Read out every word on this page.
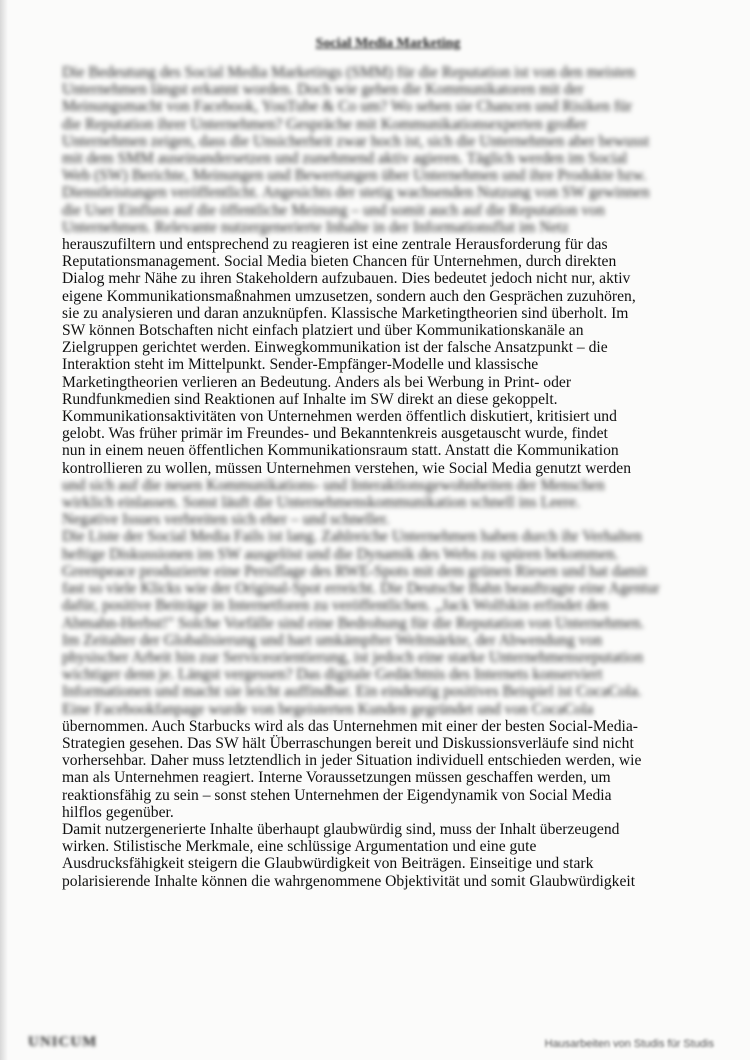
Social Media Marketing
Die Bedeutung des Social Media Marketings (SMM) für die Reputation ist von den meisten
Unternehmen längst erkannt worden. Doch wie gehen die Kommunikatoren mit der
Meinungsmacht von Facebook, YouTube & Co um? Wo sehen sie Chancen und Risiken für
die Reputation ihrer Unternehmen? Gespräche mit Kommunikationsexperten großer
Unternehmen zeigen, dass die Unsicherheit zwar hoch ist, sich die Unternehmen aber bewusst
mit dem SMM auseinandersetzen und zunehmend aktiv agieren. Täglich werden im Social
Web (SW) Berichte, Meinungen und Bewertungen über Unternehmen und ihre Produkte bzw.
Dienstleistungen veröffentlicht. Angesichts der stetig wachsenden Nutzung von SW gewinnen
die User Einfluss auf die öffentliche Meinung – und somit auch auf die Reputation von
Unternehmen. Relevante nutzergenerierte Inhalte in der Informationsflut im Netz
herauszufiltern und entsprechend zu reagieren ist eine zentrale Herausforderung für das
Reputationsmanagement. Social Media bieten Chancen für Unternehmen, durch direkten
Dialog mehr Nähe zu ihren Stakeholdern aufzubauen. Dies bedeutet jedoch nicht nur, aktiv
eigene Kommunikationsmaßnahmen umzusetzen, sondern auch den Gesprächen zuzuhören,
sie zu analysieren und daran anzuknüpfen. Klassische Marketingtheorien sind überholt. Im
SW können Botschaften nicht einfach platziert und über Kommunikationskanäle an
Zielgruppen gerichtet werden. Einwegkommunikation ist der falsche Ansatzpunkt – die
Interaktion steht im Mittelpunkt. Sender-Empfänger-Modelle und klassische
Marketingtheorien verlieren an Bedeutung. Anders als bei Werbung in Print- oder
Rundfunkmedien sind Reaktionen auf Inhalte im SW direkt an diese gekoppelt.
Kommunikationsaktivitäten von Unternehmen werden öffentlich diskutiert, kritisiert und
gelobt. Was früher primär im Freundes- und Bekanntenkreis ausgetauscht wurde, findet
nun in einem neuen öffentlichen Kommunikationsraum statt. Anstatt die Kommunikation
kontrollieren zu wollen, müssen Unternehmen verstehen, wie Social Media genutzt werden
und sich auf die neuen Kommunikations- und Interaktionsgewohnheiten der Menschen
wirklich einlassen. Sonst läuft die Unternehmenskommunikation schnell ins Leere.
Negative Issues verbreiten sich eher – und schneller.
Die Liste der Social Media Fails ist lang. Zahlreiche Unternehmen haben durch ihr Verhalten
heftige Diskussionen im SW ausgelöst und die Dynamik des Webs zu spüren bekommen.
Greenpeace produzierte eine Persiflage des RWE-Spots mit dem grünen Riesen und hat damit
fast so viele Klicks wie der Original-Spot erreicht. Die Deutsche Bahn beauftragte eine Agentur
dafür, positive Beiträge in Internetforen zu veröffentlichen. „Jack Wolfskin erfindet den
Abmahn-Herbst!" Solche Vorfälle sind eine Bedrohung für die Reputation von Unternehmen.
Im Zeitalter der Globalisierung und hart umkämpfter Weltmärkte, der Abwendung von
physischer Arbeit hin zur Serviceorientierung, ist jedoch eine starke Unternehmensreputation
wichtiger denn je. Längst vergessen? Das digitale Gedächtnis des Internets konserviert
Informationen und macht sie leicht auffindbar. Ein eindeutig positives Beispiel ist CocaCola.
Eine Facebookfanpage wurde von begeisterten Kunden gegründet und von CocaCola
übernommen. Auch Starbucks wird als das Unternehmen mit einer der besten Social-Media-
Strategien gesehen. Das SW hält Überraschungen bereit und Diskussionsverläufe sind nicht
vorhersehbar. Daher muss letztendlich in jeder Situation individuell entschieden werden, wie
man als Unternehmen reagiert. Interne Voraussetzungen müssen geschaffen werden, um
reaktionsfähig zu sein – sonst stehen Unternehmen der Eigendynamik von Social Media
hilflos gegenüber.
Damit nutzergenerierte Inhalte überhaupt glaubwürdig sind, muss der Inhalt überzeugend
wirken. Stilistische Merkmale, eine schlüssige Argumentation und eine gute
Ausdrucksfähigkeit steigern die Glaubwürdigkeit von Beiträgen. Einseitige und stark
polarisierende Inhalte können die wahrgenommene Objektivität und somit Glaubwürdigkeit
UNICUM	Hausarbeiten von Studis für Studis
